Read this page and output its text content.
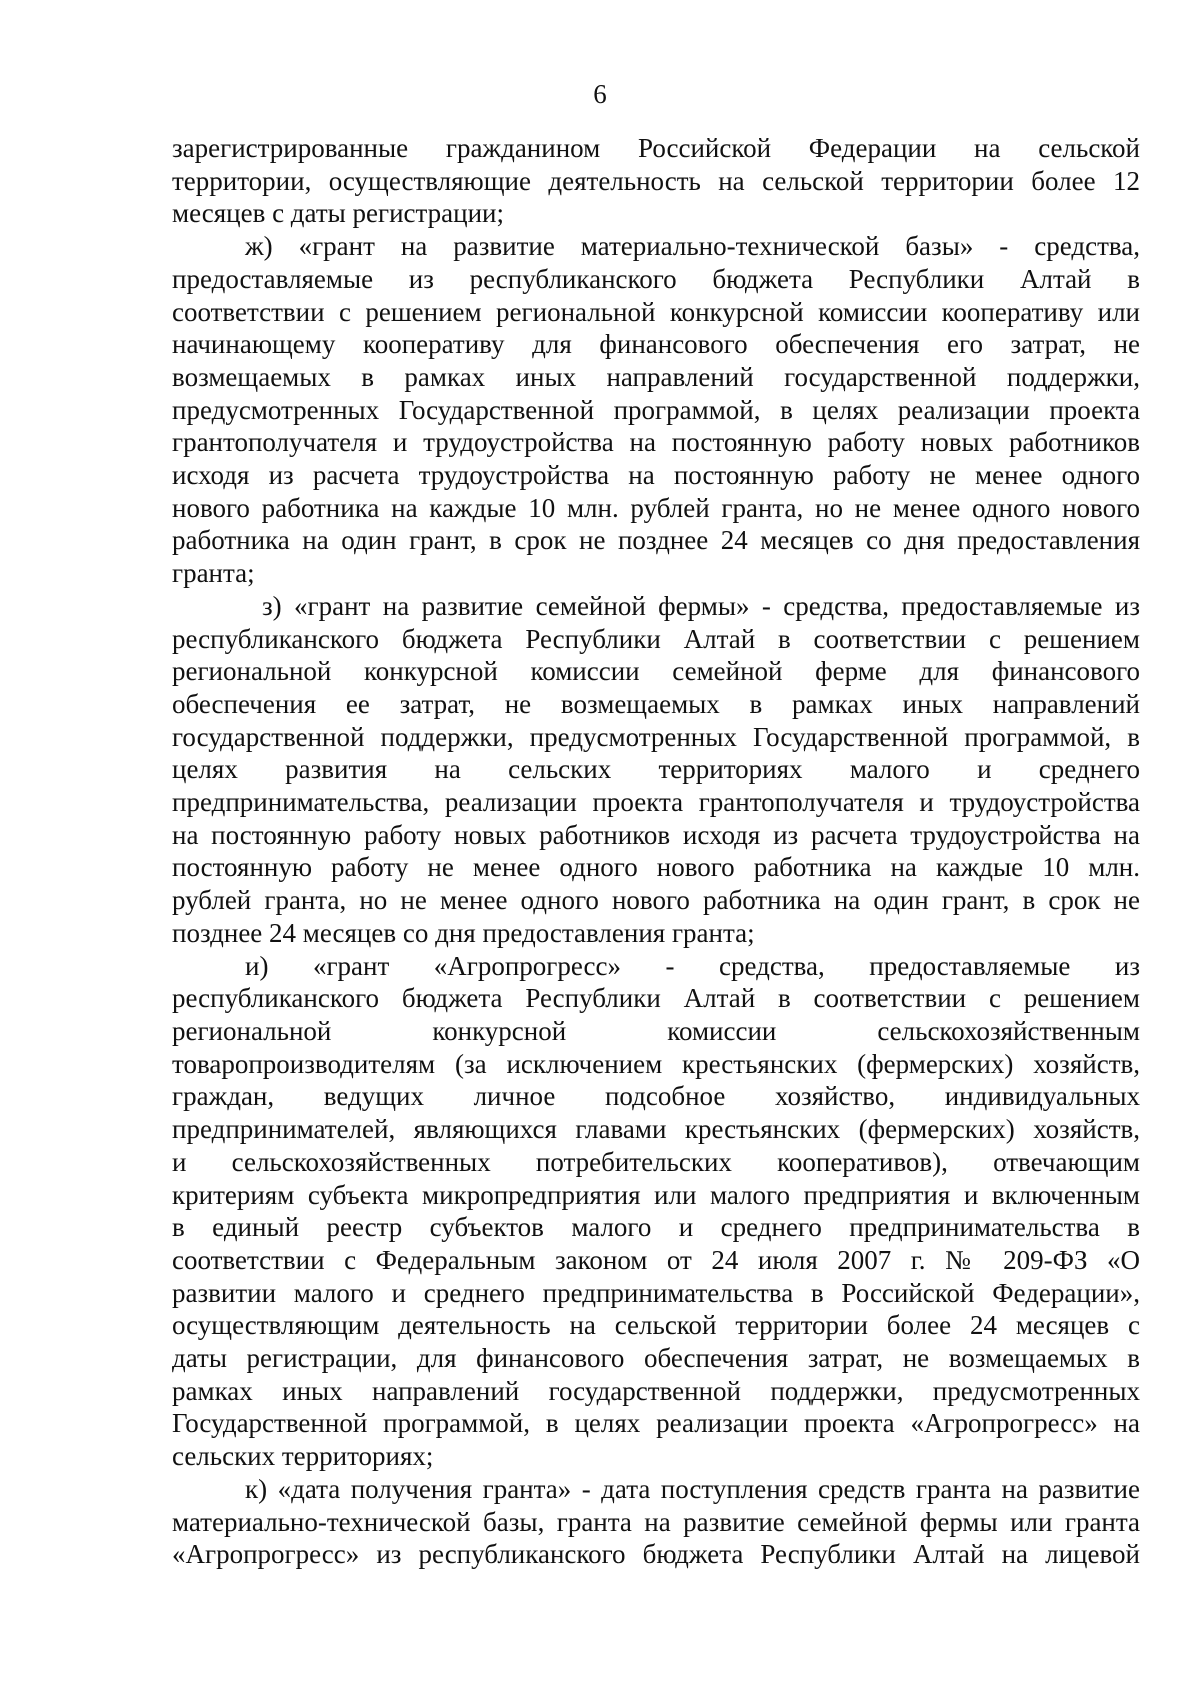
6

зарегистрированные гражданином Российской Федерации на сельской
территории, осуществляющие деятельность на сельской территории более 12
месяцев с даты регистрации;

ж) «грант на развитие материально-технической базы» - средства,
предоставляемые из республиканского бюджета Республики Алтай в
соответствии с решением региональной конкурсной комиссии кооперативу или
начинающему кооперативу для финансового обеспечения его затрат, не
возмещаемых в рамках иных направлений государственной поддержки,
предусмотренных Государственной программой, в целях реализации проекта
грантополучателя и трудоустройства на постоянную работу новых работников
исходя из расчета трудоустройства на постоянную работу не менее одного
нового работника на каждые 10 млн. рублей гранта, но не менее одного нового
работника на один грант, в срок не позднее 24 месяцев со дня предоставления
гранта;

з) «грант на развитие семейной фермы» - средства, предоставляемые из
республиканского бюджета Республики Алтай в соответствии с решением
региональной конкурсной комиссии семейной ферме для финансового
обеспечения ее затрат, не возмещаемых в рамках иных направлений
государственной поддержки, предусмотренных Государственной программой, в
целях развития на сельских территориях малого и среднего
предпринимательства, реализации проекта грантополучателя и трудоустройства
на постоянную работу новых работников исходя из расчета трудоустройства на
постоянную работу не менее одного нового работника на каждые 10 млн.
рублей гранта, но не менее одного нового работника на один грант, в срок не
позднее 24 месяцев со дня предоставления гранта;

и) «грант «Агропрогресс» - средства, предоставляемые из
республиканского бюджета Республики Алтай в соответствии с решением
региональной конкурсной комиссии сельскохозяйственным
товаропроизводителям (за исключением крестьянских (фермерских) хозяйств,
граждан, ведущих личное подсобное хозяйство, индивидуальных
предпринимателей, являющихся главами крестьянских (фермерских) хозяйств,
и сельскохозяйственных потребительских кооперативов), отвечающим
критериям субъекта микропредприятия или малого предприятия и включенным
в единый реестр субъектов малого и среднего предпринимательства в
соответствии с Федеральным законом от 24 июля 2007 г. № 209-ФЗ «О
развитии малого и среднего предпринимательства в Российской Федерации»,
осуществляющим деятельность на сельской территории более 24 месяцев с
даты регистрации, для финансового обеспечения затрат, не возмещаемых в
рамках иных направлений государственной поддержки, предусмотренных
Государственной программой, в целях реализации проекта «Агропрогресс» на
сельских территориях;

к) «дата получения гранта» - дата поступления средств гранта на развитие
материально-технической базы, гранта на развитие семейной фермы или гранта
«Агропрогресс» из республиканского бюджета Республики Алтай на лицевой
